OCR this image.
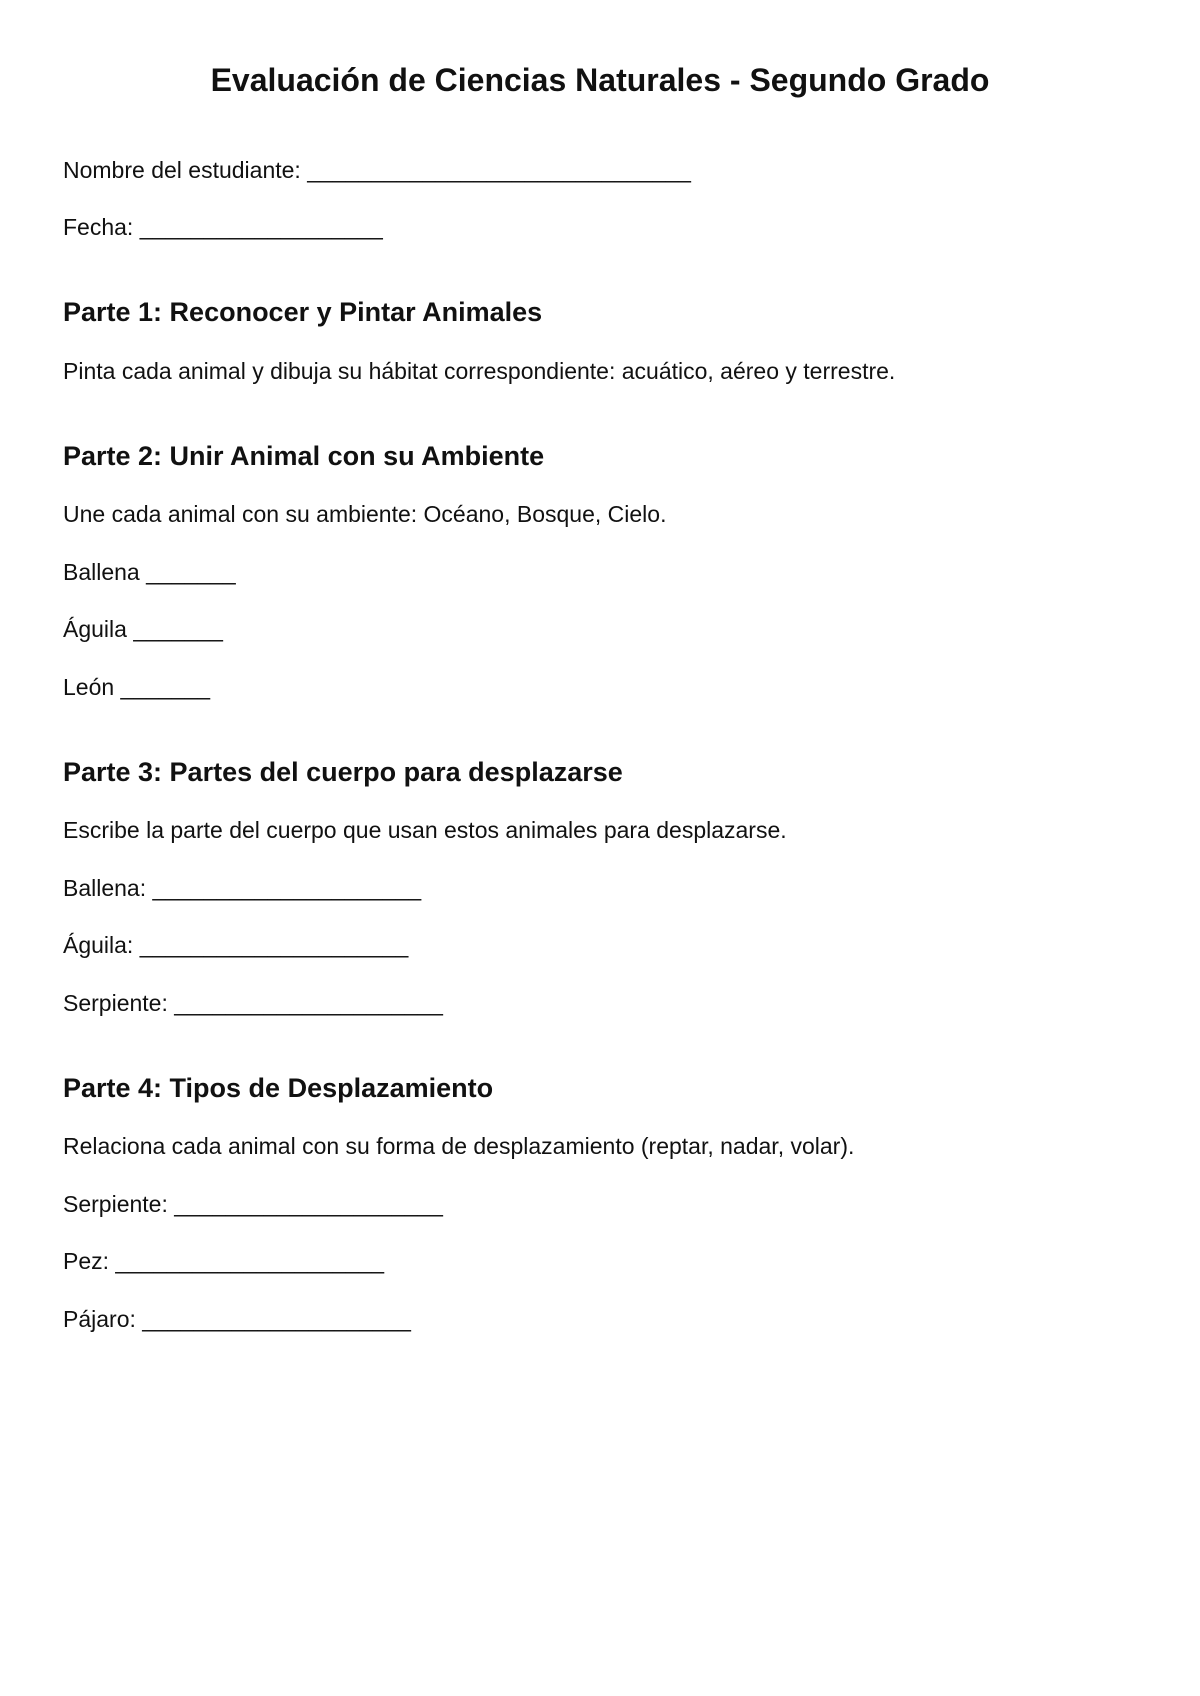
Evaluación de Ciencias Naturales - Segundo Grado
Nombre del estudiante: ______________________________
Fecha: ___________________
Parte 1: Reconocer y Pintar Animales
Pinta cada animal y dibuja su hábitat correspondiente: acuático, aéreo y terrestre.
Parte 2: Unir Animal con su Ambiente
Une cada animal con su ambiente: Océano, Bosque, Cielo.
Ballena _______
Águila _______
León _______
Parte 3: Partes del cuerpo para desplazarse
Escribe la parte del cuerpo que usan estos animales para desplazarse.
Ballena: _____________________
Águila: _____________________
Serpiente: _____________________
Parte 4: Tipos de Desplazamiento
Relaciona cada animal con su forma de desplazamiento (reptar, nadar, volar).
Serpiente: _____________________
Pez: _____________________
Pájaro: _____________________
